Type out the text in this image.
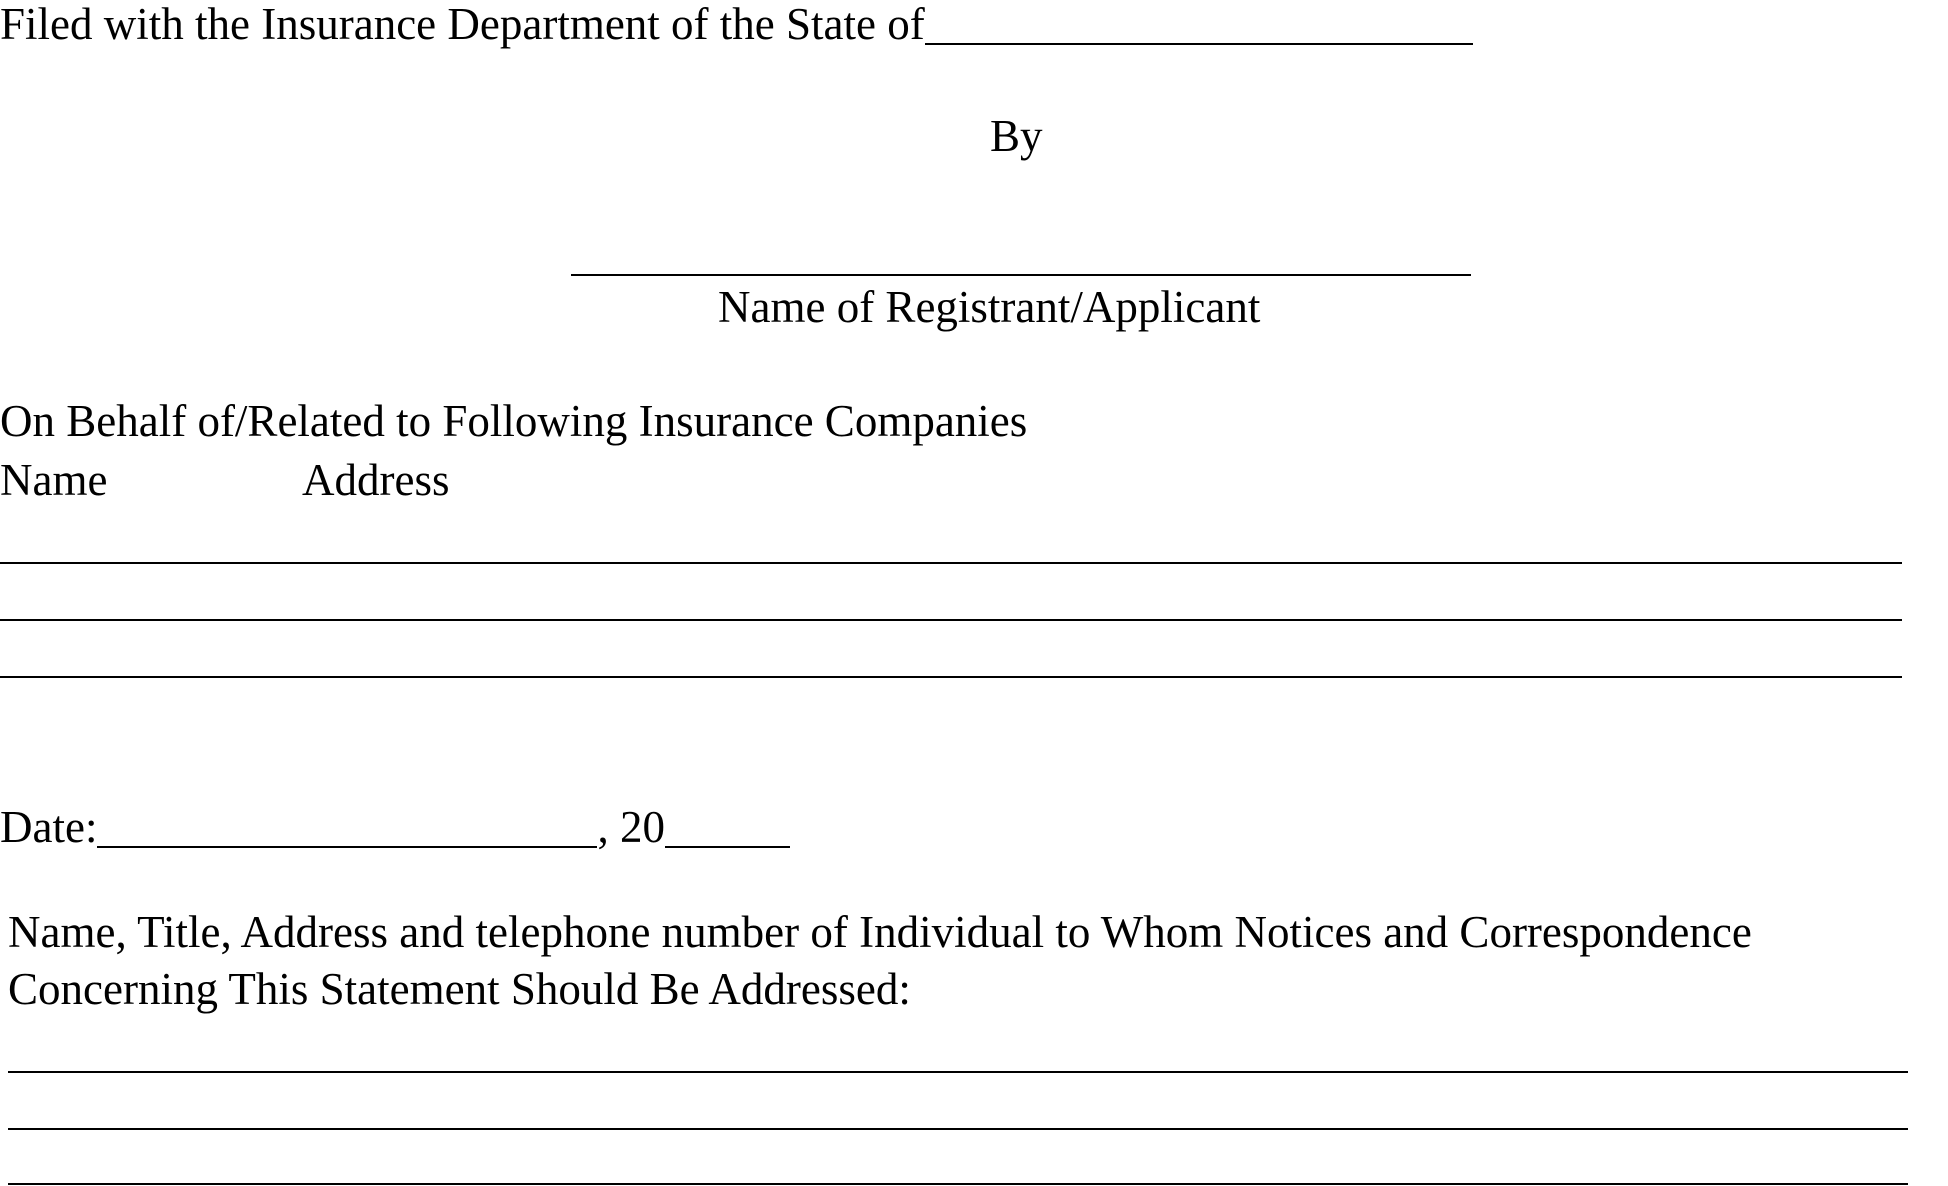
Filed with the Insurance Department of the State of
By
Name of Registrant/Applicant
On Behalf of/Related to Following Insurance Companies
Name	Address
Date:	, 20
Name, Title, Address and telephone number of Individual to Whom Notices and Correspondence
Concerning This Statement Should Be Addressed:
